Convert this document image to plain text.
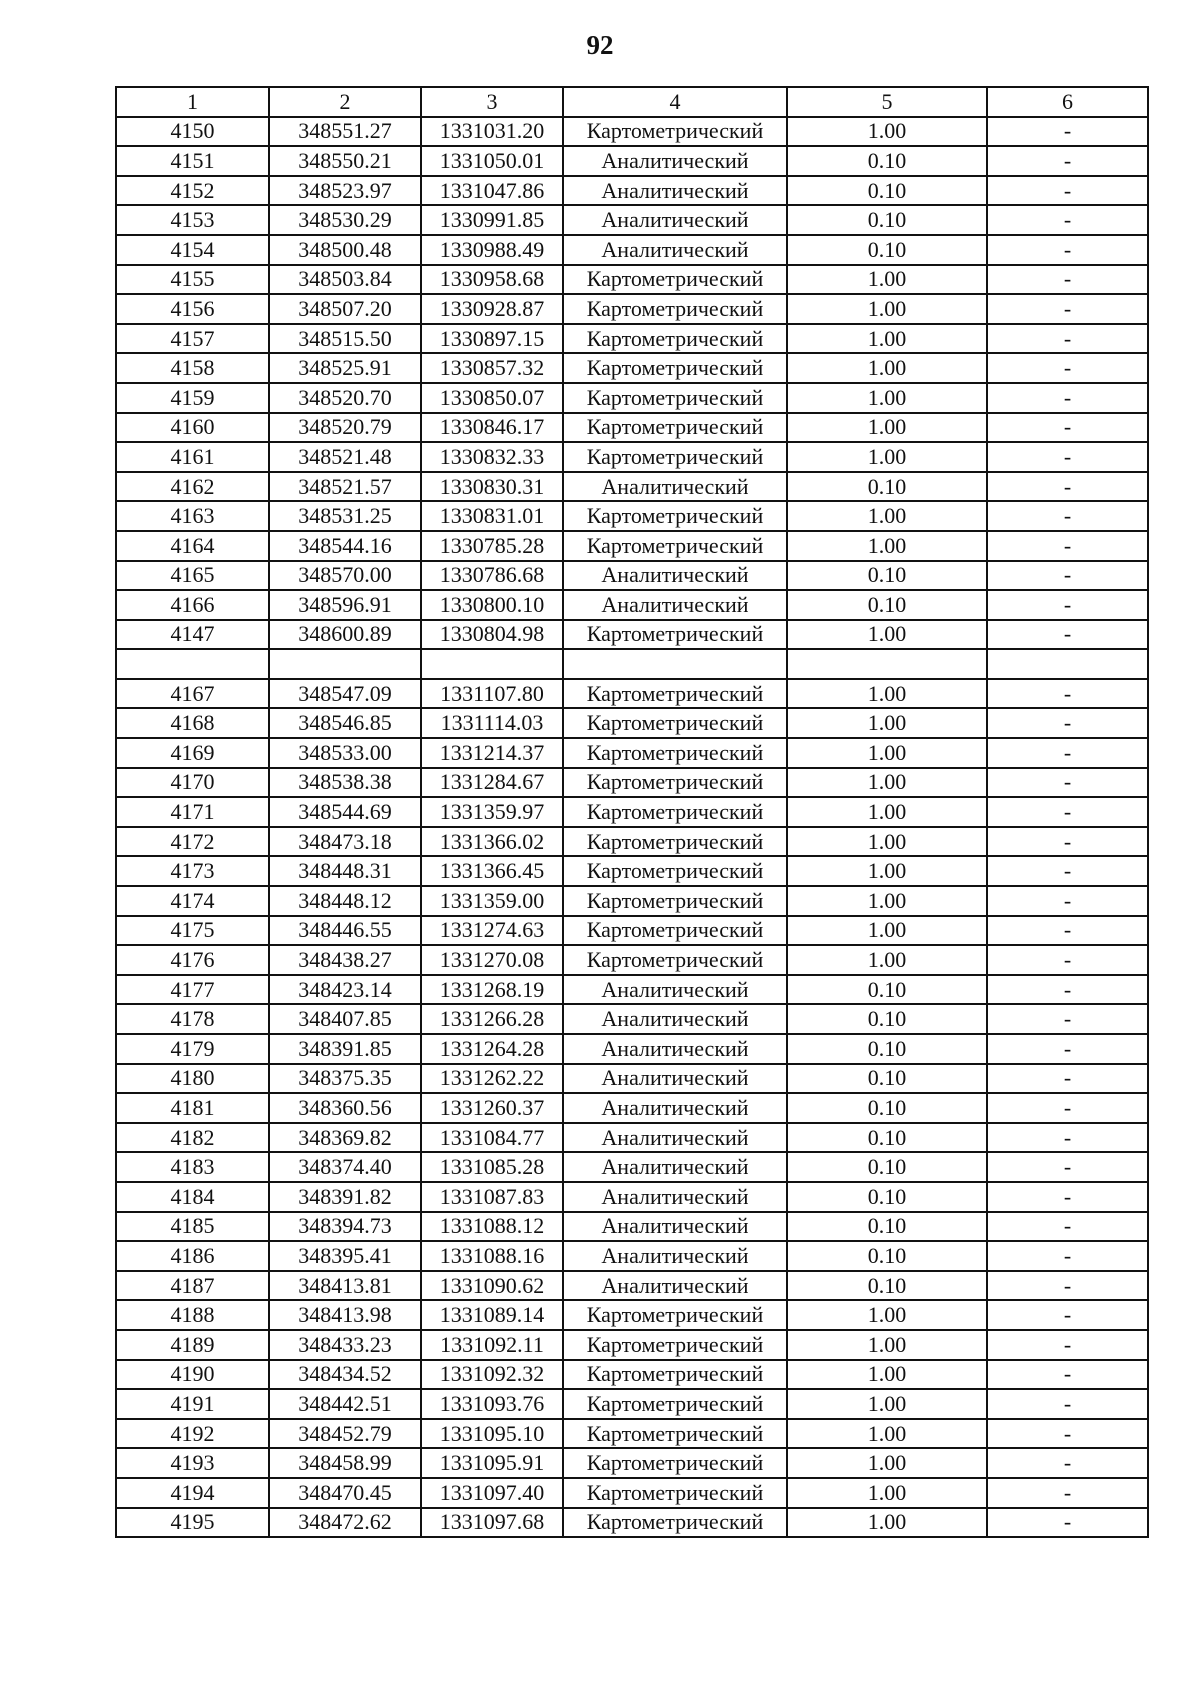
92
1	2	3	4	5	6
4150	348551.27	1331031.20	Картометрический	1.00	-
4151	348550.21	1331050.01	Аналитический	0.10	-
4152	348523.97	1331047.86	Аналитический	0.10	-
4153	348530.29	1330991.85	Аналитический	0.10	-
4154	348500.48	1330988.49	Аналитический	0.10	-
4155	348503.84	1330958.68	Картометрический	1.00	-
4156	348507.20	1330928.87	Картометрический	1.00	-
4157	348515.50	1330897.15	Картометрический	1.00	-
4158	348525.91	1330857.32	Картометрический	1.00	-
4159	348520.70	1330850.07	Картометрический	1.00	-
4160	348520.79	1330846.17	Картометрический	1.00	-
4161	348521.48	1330832.33	Картометрический	1.00	-
4162	348521.57	1330830.31	Аналитический	0.10	-
4163	348531.25	1330831.01	Картометрический	1.00	-
4164	348544.16	1330785.28	Картометрический	1.00	-
4165	348570.00	1330786.68	Аналитический	0.10	-
4166	348596.91	1330800.10	Аналитический	0.10	-
4147	348600.89	1330804.98	Картометрический	1.00	-

4167	348547.09	1331107.80	Картометрический	1.00	-
4168	348546.85	1331114.03	Картометрический	1.00	-
4169	348533.00	1331214.37	Картометрический	1.00	-
4170	348538.38	1331284.67	Картометрический	1.00	-
4171	348544.69	1331359.97	Картометрический	1.00	-
4172	348473.18	1331366.02	Картометрический	1.00	-
4173	348448.31	1331366.45	Картометрический	1.00	-
4174	348448.12	1331359.00	Картометрический	1.00	-
4175	348446.55	1331274.63	Картометрический	1.00	-
4176	348438.27	1331270.08	Картометрический	1.00	-
4177	348423.14	1331268.19	Аналитический	0.10	-
4178	348407.85	1331266.28	Аналитический	0.10	-
4179	348391.85	1331264.28	Аналитический	0.10	-
4180	348375.35	1331262.22	Аналитический	0.10	-
4181	348360.56	1331260.37	Аналитический	0.10	-
4182	348369.82	1331084.77	Аналитический	0.10	-
4183	348374.40	1331085.28	Аналитический	0.10	-
4184	348391.82	1331087.83	Аналитический	0.10	-
4185	348394.73	1331088.12	Аналитический	0.10	-
4186	348395.41	1331088.16	Аналитический	0.10	-
4187	348413.81	1331090.62	Аналитический	0.10	-
4188	348413.98	1331089.14	Картометрический	1.00	-
4189	348433.23	1331092.11	Картометрический	1.00	-
4190	348434.52	1331092.32	Картометрический	1.00	-
4191	348442.51	1331093.76	Картометрический	1.00	-
4192	348452.79	1331095.10	Картометрический	1.00	-
4193	348458.99	1331095.91	Картометрический	1.00	-
4194	348470.45	1331097.40	Картометрический	1.00	-
4195	348472.62	1331097.68	Картометрический	1.00	-
